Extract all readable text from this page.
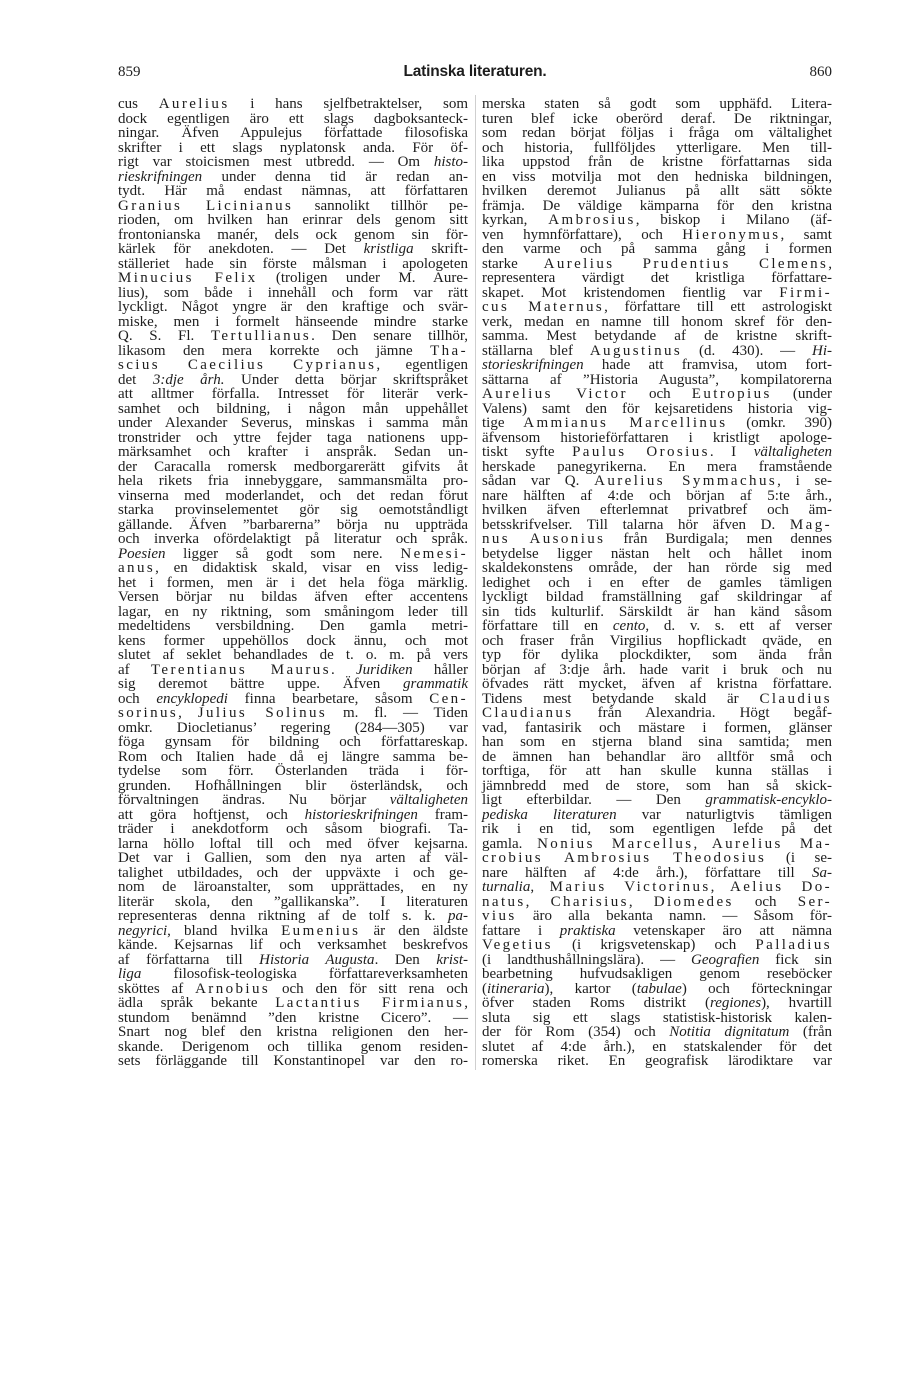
859	Latinska literaturen.	860
cus Aurelius i hans sjelfbetraktelser, som
dock egentligen äro ett slags dagboksanteck-
ningar. Äfven Appulejus författade filosofiska
skrifter i ett slags nyplatonsk anda. För öf-
rigt var stoicismen mest utbredd. — Om histo-
rieskrifningen under denna tid är redan an-
tydt. Här må endast nämnas, att författaren
Granius Licinianus sannolikt tillhör pe-
rioden, om hvilken han erinrar dels genom sitt
frontonianska manér, dels ock genom sin för-
kärlek för anekdoten. — Det kristliga skrift-
ställeriet hade sin förste målsman i apologeten
Minucius Felix (troligen under M. Aure-
lius), som både i innehåll och form var rätt
lyckligt. Något yngre är den kraftige och svär-
miske, men i formelt hänseende mindre starke
Q. S. Fl. Tertullianus. Den senare tillhör,
likasom den mera korrekte och jämne Tha-
scius Caecilius Cyprianus, egentligen
det 3:dje årh. Under detta börjar skriftspråket
att alltmer förfalla. Intresset för literär verk-
samhet och bildning, i någon mån uppehållet
under Alexander Severus, minskas i samma mån
tronstrider och yttre fejder taga nationens upp-
märksamhet och krafter i anspråk. Sedan un-
der Caracalla romersk medborgarerätt gifvits åt
hela rikets fria innebyggare, sammansmälta pro-
vinserna med moderlandet, och det redan förut
starka provinselementet gör sig oemotståndligt
gällande. Äfven ”barbarerna” börja nu uppträda
och inverka ofördelaktigt på literatur och språk.
Poesien ligger så godt som nere. Nemesi-
anus, en didaktisk skald, visar en viss ledig-
het i formen, men är i det hela föga märklig.
Versen börjar nu bildas äfven efter accentens
lagar, en ny riktning, som småningom leder till
medeltidens versbildning. Den gamla metri-
kens former uppehöllos dock ännu, och mot
slutet af seklet behandlades de t. o. m. på vers
af Terentianus Maurus. Juridiken håller
sig deremot bättre uppe. Äfven grammatik
och encyklopedi finna bearbetare, såsom Cen-
sorinus, Julius Solinus m. fl. — Tiden
omkr. Diocletianus’ regering (284—305) var
föga gynsam för bildning och författareskap.
Rom och Italien hade då ej längre samma be-
tydelse som förr. Österlanden träda i för-
grunden. Hofhållningen blir österländsk, och
förvaltningen ändras. Nu börjar vältaligheten
att göra hoftjenst, och historieskrifningen fram-
träder i anekdotform och såsom biografi. Ta-
larna höllo loftal till och med öfver kejsarna.
Det var i Gallien, som den nya arten af väl-
talighet utbildades, och der uppväxte i och ge-
nom de läroanstalter, som upprättades, en ny
literär skola, den ”gallikanska”. I literaturen
representeras denna riktning af de tolf s. k. pa-
negyrici, bland hvilka Eumenius är den äldste
kände. Kejsarnas lif och verksamhet beskrefvos
af författarna till Historia Augusta. Den krist-
liga filosofisk-teologiska författareverksamheten
sköttes af Arnobius och den för sitt rena och
ädla språk bekante Lactantius Firmianus,
stundom benämnd ”den kristne Cicero”. —
Snart nog blef den kristna religionen den her-
skande. Derigenom och tillika genom residen-
sets förläggande till Konstantinopel var den ro-
merska staten så godt som upphäfd. Litera-
turen blef icke oberörd deraf. De riktningar,
som redan börjat följas i fråga om vältalighet
och historia, fullföljdes ytterligare. Men till-
lika uppstod från de kristne författarnas sida
en viss motvilja mot den hedniska bildningen,
hvilken deremot Julianus på allt sätt sökte
främja. De väldige kämparna för den kristna
kyrkan, Ambrosius, biskop i Milano (äf-
ven hymnförfattare), och Hieronymus, samt
den varme och på samma gång i formen
starke Aurelius Prudentius Clemens,
representera värdigt det kristliga författare-
skapet. Mot kristendomen fientlig var Firmi-
cus Maternus, författare till ett astrologiskt
verk, medan en namne till honom skref för den-
samma. Mest betydande af de kristne skrift-
ställarna blef Augustinus (d. 430). — Hi-
storieskrifningen hade att framvisa, utom fort-
sättarna af ”Historia Augusta”, kompilatorerna
Aurelius Victor och Eutropius (under
Valens) samt den för kejsaretidens historia vig-
tige Ammianus Marcellinus (omkr. 390)
äfvensom historieförfattaren i kristligt apologe-
tiskt syfte Paulus Orosius. I vältaligheten
herskade panegyrikerna. En mera framstående
sådan var Q. Aurelius Symmachus, i se-
nare hälften af 4:de och början af 5:te årh.,
hvilken äfven efterlemnat privatbref och äm-
betsskrifvelser. Till talarna hör äfven D. Mag-
nus Ausonius från Burdigala; men dennes
betydelse ligger nästan helt och hållet inom
skaldekonstens område, der han rörde sig med
ledighet och i en efter de gamles tämligen
lyckligt bildad framställning gaf skildringar af
sin tids kulturlif. Särskildt är han känd såsom
författare till en cento, d. v. s. ett af verser
och fraser från Virgilius hopflickadt qväde, en
typ för dylika plockdikter, som ända från
början af 3:dje årh. hade varit i bruk och nu
öfvades rätt mycket, äfven af kristna författare.
Tidens mest betydande skald är Claudius
Claudianus från Alexandria. Högt begåf-
vad, fantasirik och mästare i formen, glänser
han som en stjerna bland sina samtida; men
de ämnen han behandlar äro alltför små och
torftiga, för att han skulle kunna ställas i
jämnbredd med de store, som han så skick-
ligt efterbildar. — Den grammatisk-encyklo-
pediska literaturen var naturligtvis tämligen
rik i en tid, som egentligen lefde på det
gamla. Nonius Marcellus, Aurelius Ma-
crobius Ambrosius Theodosius (i se-
nare hälften af 4:de årh.), författare till Sa-
turnalia, Marius Victorinus, Aelius Do-
natus, Charisius, Diomedes och Ser-
vius äro alla bekanta namn. — Såsom för-
fattare i praktiska vetenskaper äro att nämna
Vegetius (i krigsvetenskap) och Palladius
(i landthushållningslära). — Geografien fick sin
bearbetning hufvudsakligen genom reseböcker
(itineraria), kartor (tabulae) och förteckningar
öfver staden Roms distrikt (regiones), hvartill
sluta sig ett slags statistisk-historisk kalen-
der för Rom (354) och Notitia dignitatum (från
slutet af 4:de årh.), en statskalender för det
romerska riket. En geografisk lärodiktare var
